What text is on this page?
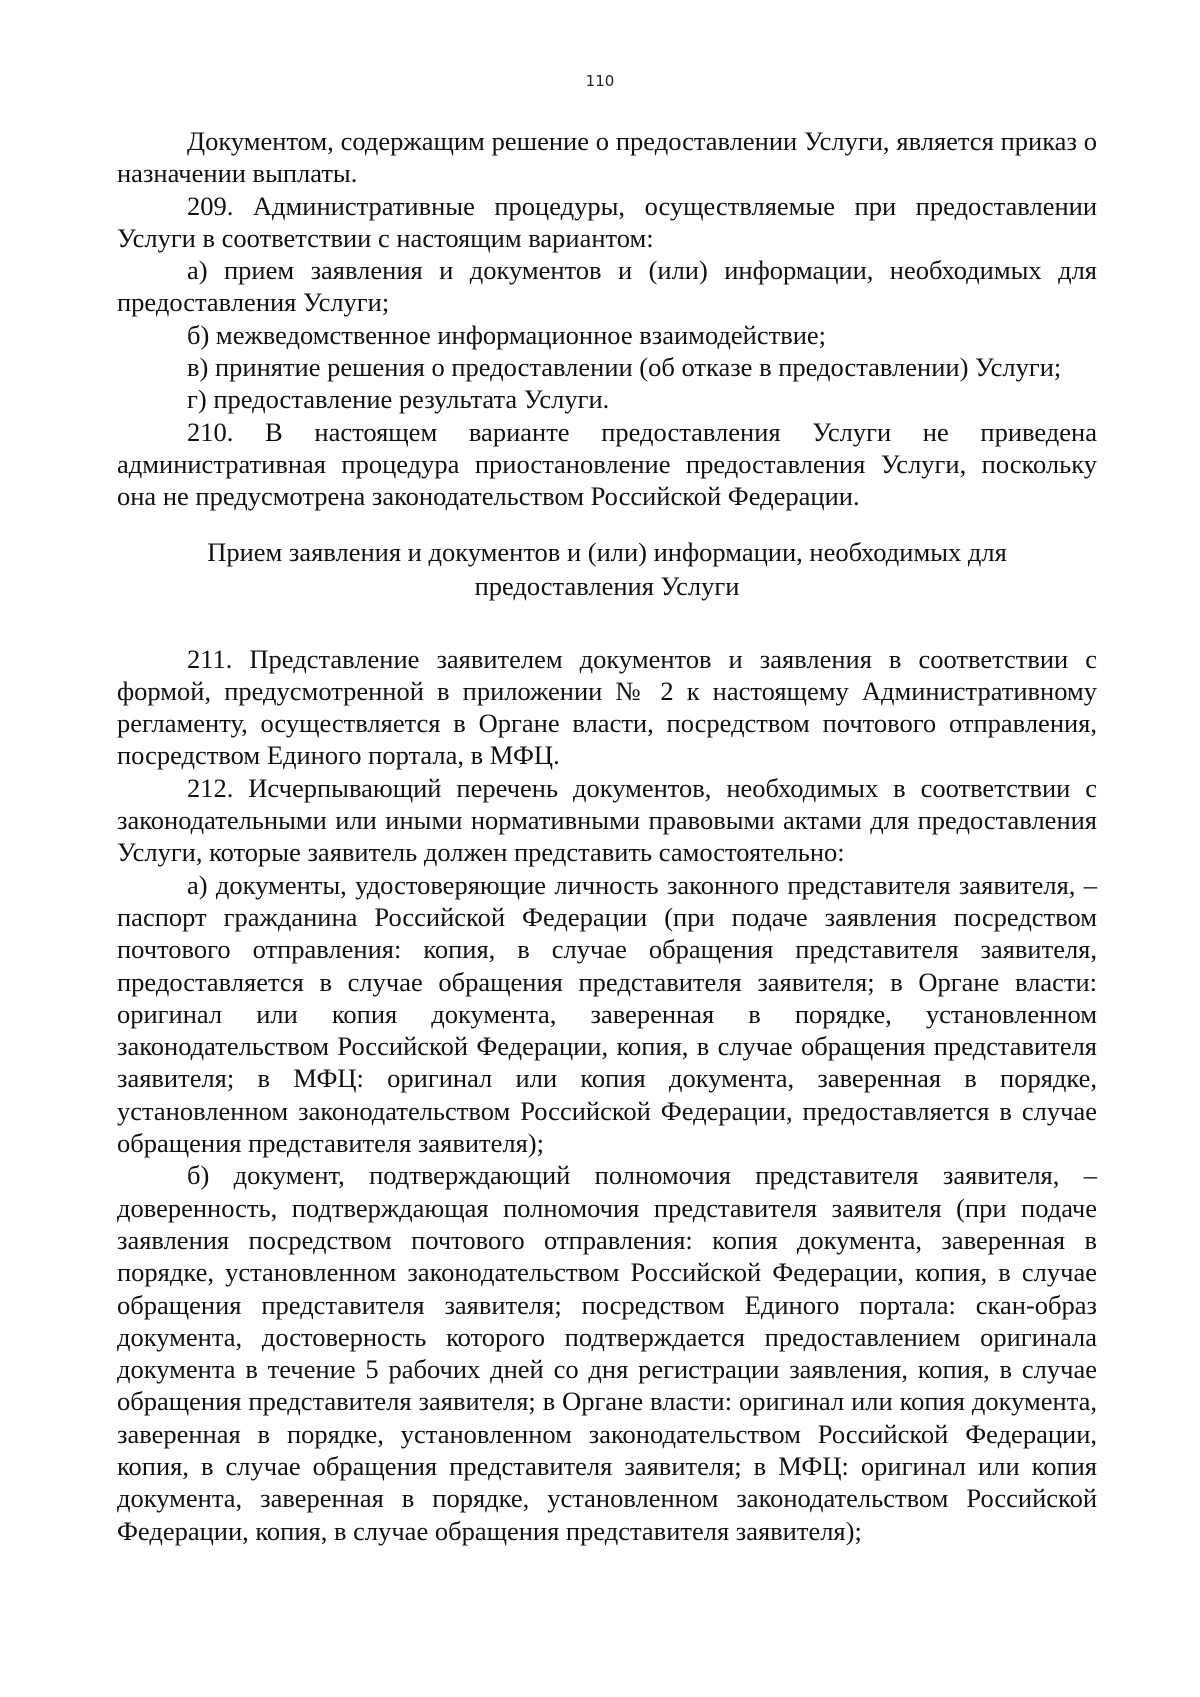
110

Документом, содержащим решение о предоставлении Услуги, является приказ о назначении выплаты.

209. Административные процедуры, осуществляемые при предоставлении Услуги в соответствии с настоящим вариантом:

а) прием заявления и документов и (или) информации, необходимых для предоставления Услуги;

б) межведомственное информационное взаимодействие;

в) принятие решения о предоставлении (об отказе в предоставлении) Услуги;

г) предоставление результата Услуги.

210. В настоящем варианте предоставления Услуги не приведена административная процедура приостановление предоставления Услуги, поскольку она не предусмотрена законодательством Российской Федерации.

Прием заявления и документов и (или) информации, необходимых для предоставления Услуги

211. Представление заявителем документов и заявления в соответствии с формой, предусмотренной в приложении № 2 к настоящему Административному регламенту, осуществляется в Органе власти, посредством почтового отправления, посредством Единого портала, в МФЦ.

212. Исчерпывающий перечень документов, необходимых в соответствии с законодательными или иными нормативными правовыми актами для предоставления Услуги, которые заявитель должен представить самостоятельно:

а) документы, удостоверяющие личность законного представителя заявителя, – паспорт гражданина Российской Федерации (при подаче заявления посредством почтового отправления: копия, в случае обращения представителя заявителя, предоставляется в случае обращения представителя заявителя; в Органе власти: оригинал или копия документа, заверенная в порядке, установленном законодательством Российской Федерации, копия, в случае обращения представителя заявителя; в МФЦ: оригинал или копия документа, заверенная в порядке, установленном законодательством Российской Федерации, предоставляется в случае обращения представителя заявителя);

б) документ, подтверждающий полномочия представителя заявителя, – доверенность, подтверждающая полномочия представителя заявителя (при подаче заявления посредством почтового отправления: копия документа, заверенная в порядке, установленном законодательством Российской Федерации, копия, в случае обращения представителя заявителя; посредством Единого портала: скан-образ документа, достоверность которого подтверждается предоставлением оригинала документа в течение 5 рабочих дней со дня регистрации заявления, копия, в случае обращения представителя заявителя; в Органе власти: оригинал или копия документа, заверенная в порядке, установленном законодательством Российской Федерации, копия, в случае обращения представителя заявителя; в МФЦ: оригинал или копия документа, заверенная в порядке, установленном законодательством Российской Федерации, копия, в случае обращения представителя заявителя);
